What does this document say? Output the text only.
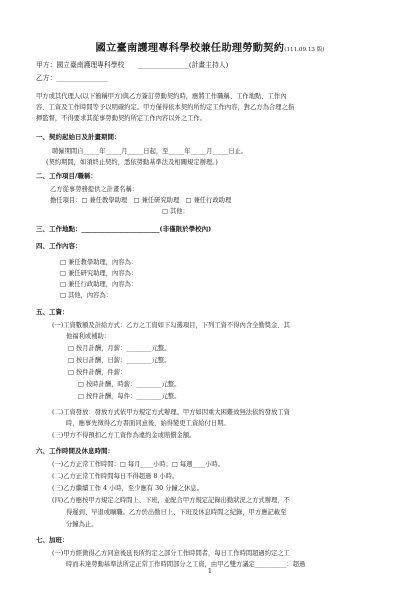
國立臺南護理專科學校兼任助理勞動契約(111.09.13 版)
甲方：國立臺南護理專科學校　　_______________(計畫主持人)
乙方：_______________
甲方或其代理人(以下簡稱甲方)與乙方簽訂勞動契約時，應將工作職稱、工作地點、工作內
容、工資及工作時間等予以明確約定。甲方僅得依本契約所約定工作內容，對乙方為合理之指
揮監督，不得要求其從事勞動契約所定工作內容以外之工作。
一、契約起始日及計畫期間：
聘僱期間自_____年_____月_____日起，至_____年_____月_____日止。
(契約期間，如須終止契約，悉依勞動基準法及相關規定辦理。)
二、工作項目/職稱：
乙方從事勞務提供之計畫名稱：
擔任項目：□ 兼任教學助理　□ 兼任研究助理　□ 兼任行政助理
□ 其他：
三、工作地點：________________________(非僅限於學校內)
四、工作內容：
□ 兼任教學助理，內容為：
□ 兼任研究助理，內容為：
□ 兼任行政助理，內容為：
□ 其他，內容為：
五、工資：
(一)工資數額及計給方式：乙方之工資如下勾選項目，下列工資不得內含全勤獎金、其
他福利或補助：
□ 按月計酬，月薪：________元整。
□ 按日計酬，日薪：________元整。
□ 按件計酬，件薪：
□ 按時計酬，時薪：________元整。
□ 按件計酬，每件：________元整。
(二)工資發放：發放方式依甲方規定方式辦理。甲方如因重大困難致無法依約發放工資
時，應事先徵得乙方書面同意後，始得變更工資給付日期。
(三)甲方不得預扣乙方工資作為違約金或賠償金額。
六、工作時間及休息時間：
(一)乙方正常工作時間：□ 每月____小時；□ 每週____小時。
(二)乙方正常工作時間每日不得超過 8 小時。
(三)乙方繼續工作 4 小時，至少應有 30 分鐘之休息。
(四)乙方應按甲方規定之時間上、下班，並配合甲方規定記錄出勤狀況之方式辦理，不
得遲到、早退或曠職。乙方於出勤日上、下班及休息時間之紀錄，甲方應記載至
分鐘為止。
七、加班：
(一)甲方經徵得乙方同意後延長所約定之部分工作時間者，每日工作時間超過約定之工
時而未達勞動基準法所定正常工作時間部分之工資，由甲乙雙方議定__________：超過
1
